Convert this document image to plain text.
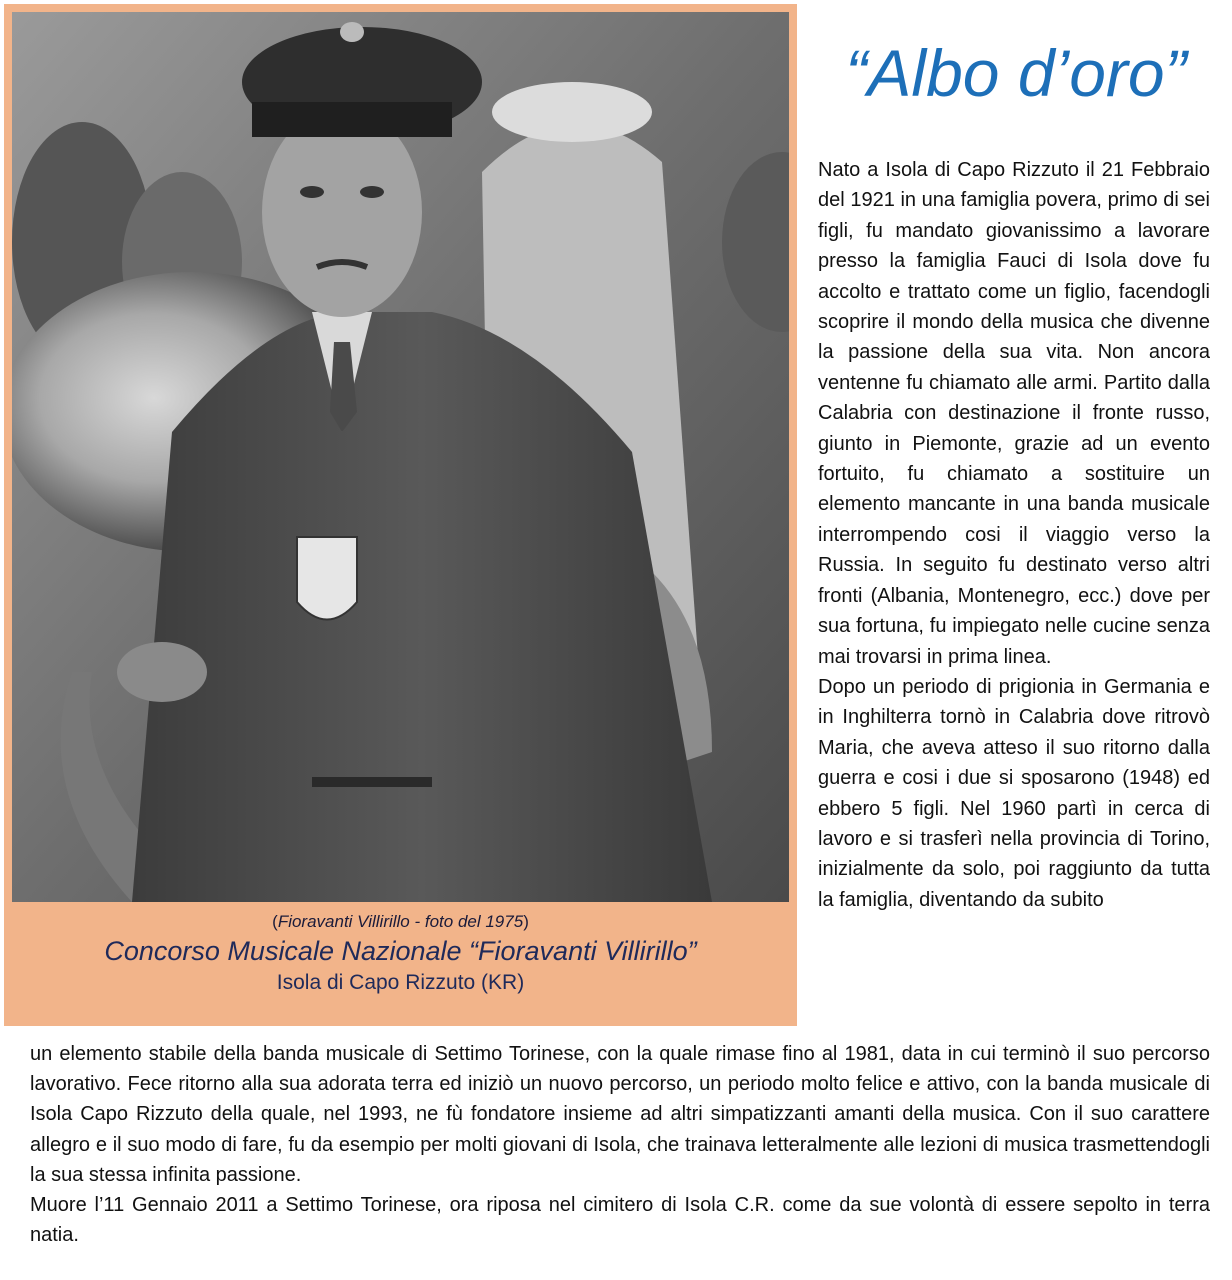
(Fioravanti Villirillo - foto del 1975)
Concorso Musicale Nazionale “Fioravanti Villirillo”
Isola di Capo Rizzuto (KR)
“Albo d’oro”

Nato a Isola di Capo Rizzuto il 21 Febbraio del 1921 in una famiglia povera, primo di sei figli, fu mandato giovanissimo a lavorare presso la famiglia Fauci di Isola dove fu accolto e trattato come un figlio, facendogli scoprire il mondo della musica che divenne la passione della sua vita. Non ancora ventenne fu chiamato alle armi. Partito dalla Calabria con destinazione il fronte russo, giunto in Piemonte, grazie ad un evento fortuito, fu chiamato a sostituire un elemento mancante in una banda musicale interrompendo cosi il viaggio verso la Russia. In seguito fu destinato verso altri fronti (Albania, Montenegro, ecc.) dove per sua fortuna, fu impiegato nelle cucine senza mai trovarsi in prima linea.

Dopo un periodo di prigionia in Germania e in Inghilterra tornò in Calabria dove ritrovò Maria, che aveva atteso il suo ritorno dalla guerra e cosi i due si sposarono (1948) ed ebbero 5 figli. Nel 1960 partì in cerca di lavoro e si trasferì nella provincia di Torino, inizialmente da solo, poi raggiunto da tutta la famiglia, diventando da subito

un elemento stabile della banda musicale di Settimo Torinese, con la quale rimase fino al 1981, data in cui terminò il suo percorso lavorativo. Fece ritorno alla sua adorata terra ed iniziò un nuovo percorso, un periodo molto felice e attivo, con la banda musicale di Isola Capo Rizzuto della quale, nel 1993, ne fù fondatore insieme ad altri simpatizzanti amanti della musica. Con il suo carattere allegro e il suo modo di fare, fu da esempio per molti giovani di Isola, che trainava letteralmente alle lezioni di musica trasmettendogli la sua stessa infinita passione.

Muore l’11 Gennaio 2011 a Settimo Torinese, ora riposa nel cimitero di Isola C.R. come da sue volontà di essere sepolto in terra natia.
